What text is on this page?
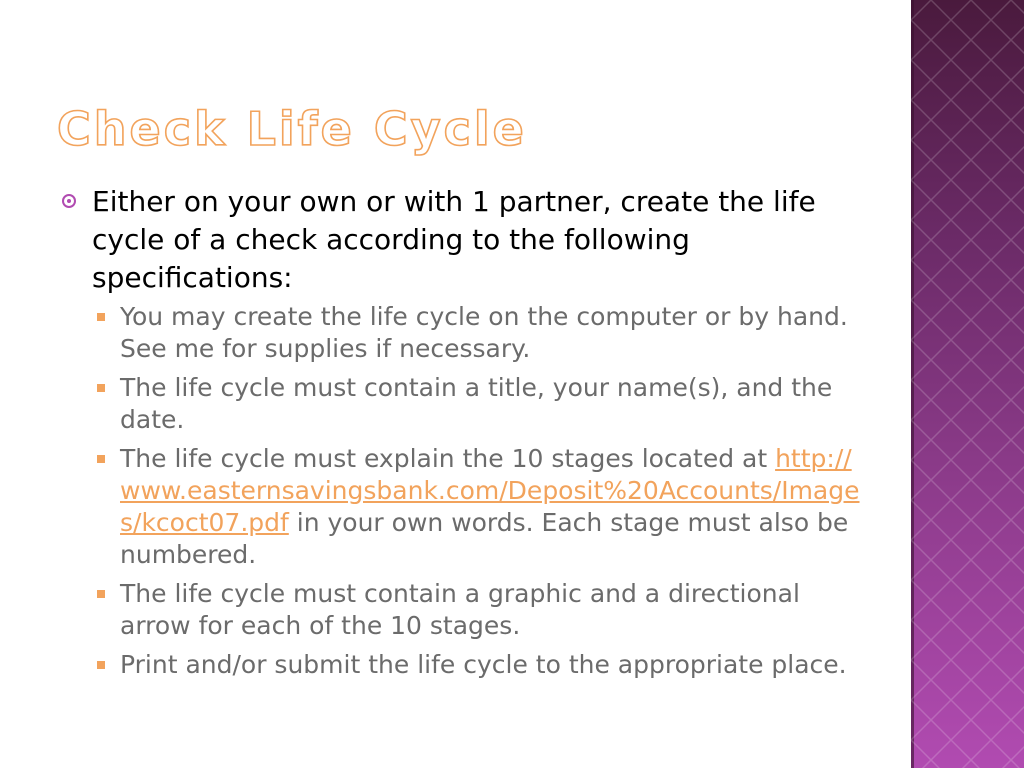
Check Life Cycle
Either on your own or with 1 partner, create the life cycle of a check according to the following specifications:
You may create the life cycle on the computer or by hand. See me for supplies if necessary.
The life cycle must contain a title, your name(s), and the date.
The life cycle must explain the 10 stages located at http://www.easternsavingsbank.com/Deposit%20Accounts/Images/kcoct07.pdf in your own words. Each stage must also be numbered.
The life cycle must contain a graphic and a directional arrow for each of the 10 stages.
Print and/or submit the life cycle to the appropriate place.
